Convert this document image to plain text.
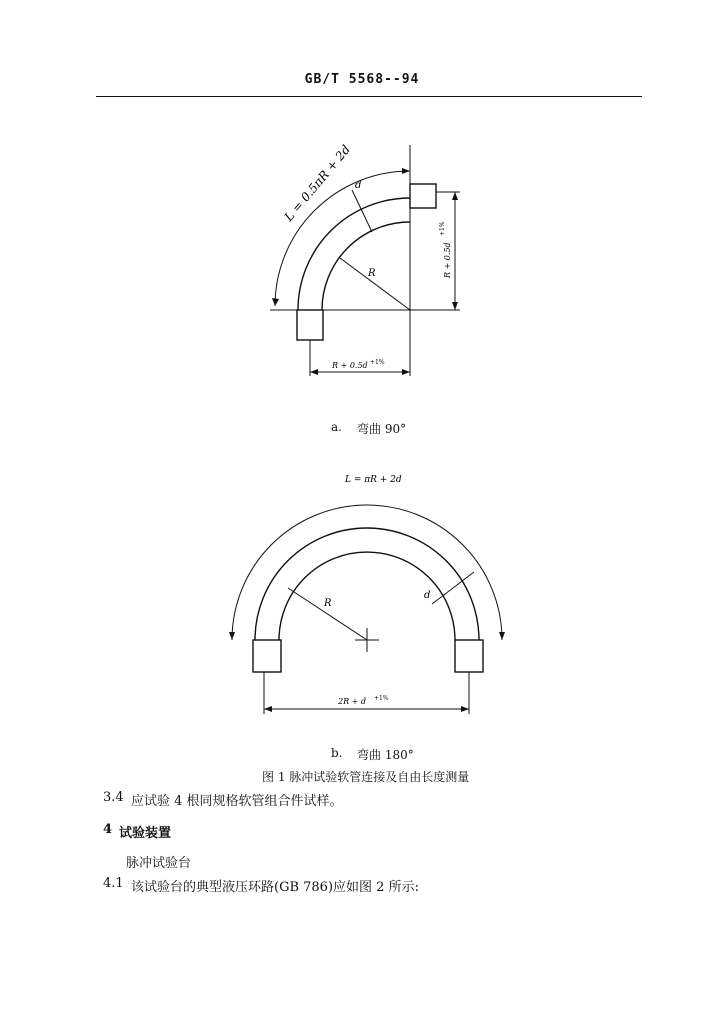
GB/T 5568--94
L = 0.5πR + 2d d
R	R + 0.5d
+1%
R + 0.5d +1%
a. 弯曲 90°
L = πR + 2d
d
R
2R + d +1%
b. 弯曲 180°
图 1 脉冲试验软管连接及自由长度测量
3.4 应试验 4 根同规格软管组合件试样。
4 试验装置
脉冲试验台
4.1 该试验台的典型液压环路(GB 786)应如图 2 所示:
